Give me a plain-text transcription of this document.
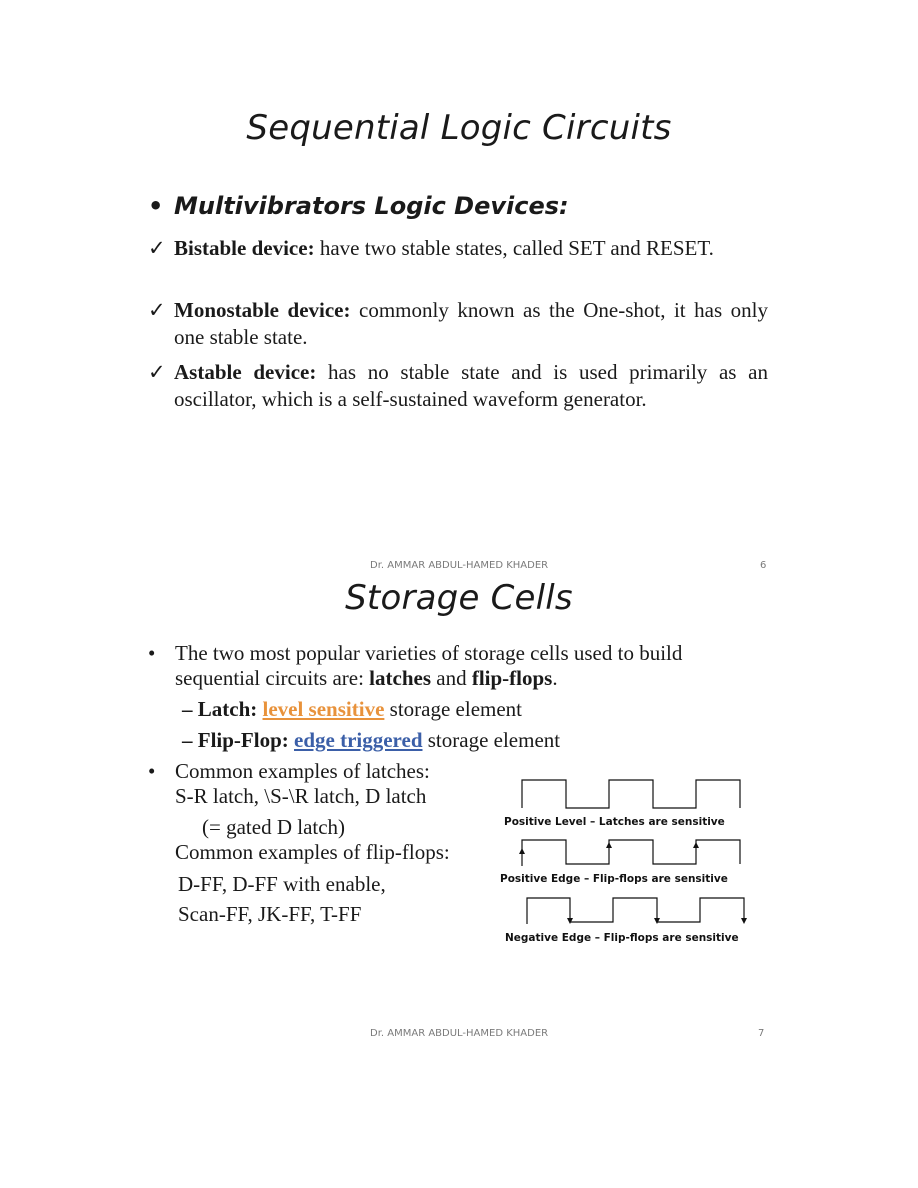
Sequential Logic Circuits
• Multivibrators Logic Devices:
✓ Bistable device: have two stable states, called SET and RESET.
✓ Monostable device: commonly known as the One-shot, it has only one stable state.
✓ Astable device: has no stable state and is used primarily as an oscillator, which is a self-sustained waveform generator.
Dr. AMMAR ABDUL-HAMED KHADER	6
Storage Cells
• The two most popular varieties of storage cells used to build
sequential circuits are: latches and flip-flops.
– Latch: level sensitive storage element
– Flip-Flop: edge triggered storage element
• Common examples of latches:
S-R latch, \S-\R latch, D latch
(= gated D latch)
Common examples of flip-flops:
D-FF, D-FF with enable,
Scan-FF, JK-FF, T-FF
Positive Level – Latches are sensitive
Positive Edge – Flip-flops are sensitive
Negative Edge – Flip-flops are sensitive
Dr. AMMAR ABDUL-HAMED KHADER	7
